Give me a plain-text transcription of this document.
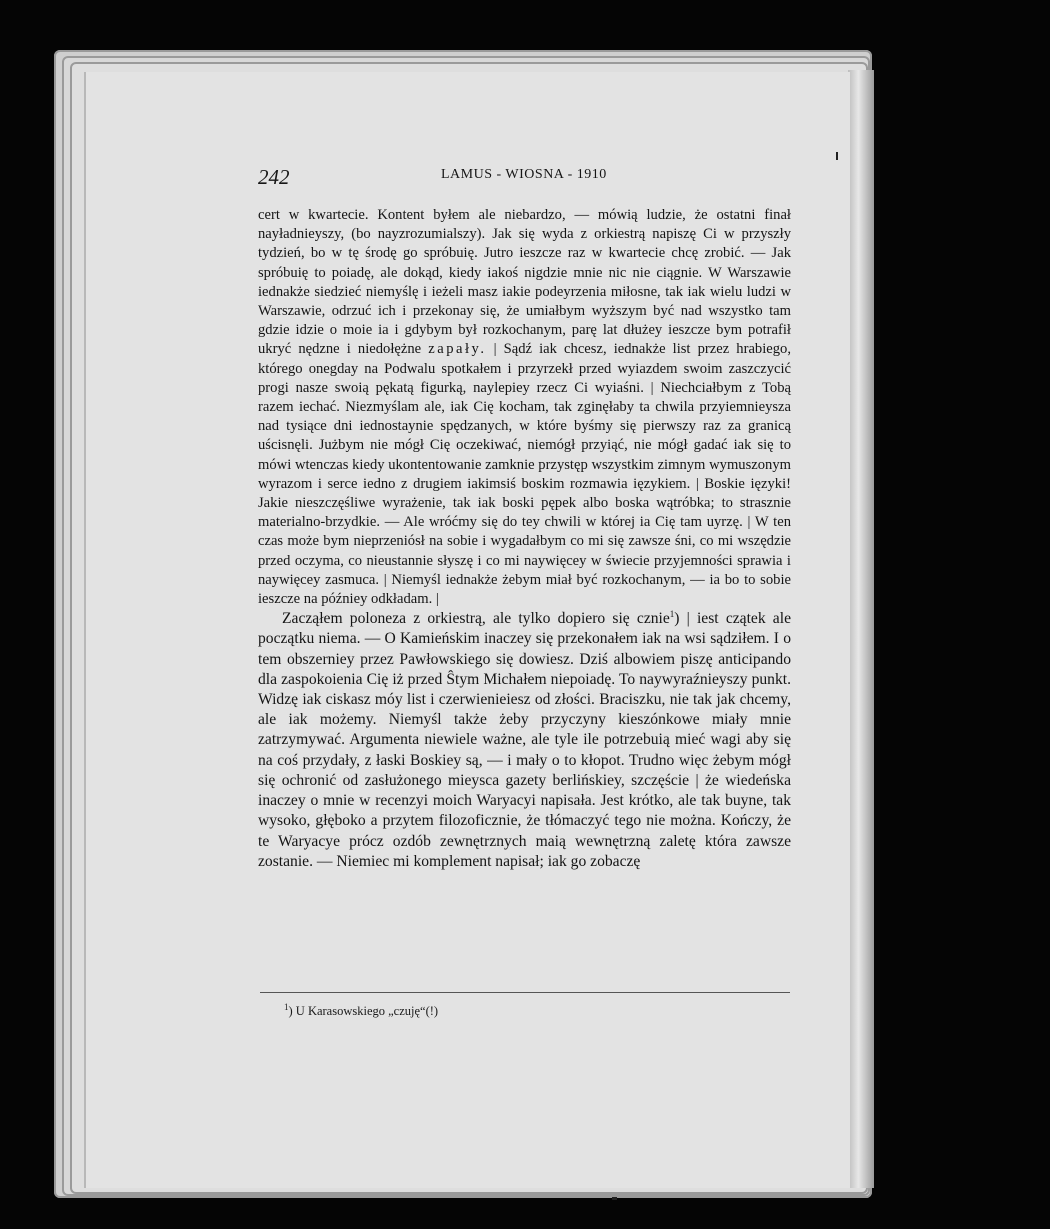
242	LAMUS - WIOSNA - 1910

cert w kwartecie. Kontent byłem ale niebardzo, — mówią ludzie, że ostatni finał nayładnieyszy, (bo nayzrozumialszy). Jak się wyda z orkiestrą napiszę Ci w przyszły tydzień, bo w tę środę go spróbuię. Jutro ieszcze raz w kwartecie chcę zrobić. — Jak spróbuię to poiadę, ale dokąd, kiedy iakoś nigdzie mnie nic nie ciągnie. W Warszawie iednakże siedzieć niemyślę i ieżeli masz iakie podeyrzenia miłosne, tak iak wielu ludzi w Warszawie, odrzuć ich i przekonay się, że umiałbym wyższym być nad wszystko tam gdzie idzie o moie ia i gdybym był rozkochanym, parę lat dłużey ieszcze bym potrafił ukryć nędzne i niedołężne zapały. | Sądź iak chcesz, iednakże list przez hrabiego, którego onegday na Podwalu spotkałem i przyrzekł przed wyiazdem swoim zaszczycić progi nasze swoią pękatą figurką, naylepiey rzecz Ci wyiaśni. | Niechciałbym z Tobą razem iechać. Niezmyślam ale, iak Cię kocham, tak zginęłaby ta chwila przyiemnieysza nad tysiące dni iednostaynie spędzanych, w które byśmy się pierwszy raz za granicą uścisnęli. Jużbym nie mógł Cię oczekiwać, niemógł przyiąć, nie mógł gadać iak się to mówi wtenczas kiedy ukontentowanie zamknie przystęp wszystkim zimnym wymuszonym wyrazom i serce iedno z drugiem iakimsiś boskim rozmawia ięzykiem. | Boskie ięzyki! Jakie nieszczęśliwe wyrażenie, tak iak boski pępek albo boska wątróbka; to strasznie materialno-brzydkie. — Ale wróćmy się do tey chwili w której ia Cię tam uyrzę. | W ten czas może bym nieprzeniósł na sobie i wygadałbym co mi się zawsze śni, co mi wszędzie przed oczyma, co nieustannie słyszę i co mi naywięcey w świecie przyjemności sprawia i naywięcey zasmuca. | Niemyśl iednakże żebym miał być rozkochanym, — ia bo to sobie ieszcze na późniey odkładam. |

Zacząłem poloneza z orkiestrą, ale tylko dopiero się cznie$^1$) | iest czątek ale początku niema. — O Kamieńskim inaczey się przekonałem iak na wsi sądziłem. I o tem obszerniey przez Pawłowskiego się dowiesz. Dziś albowiem piszę anticipando dla zaspokoienia Cię iż przed Ŝtym Michałem niepoiadę. To naywyraźnieyszy punkt. Widzę iak ciskasz móy list i czerwienieiesz od złości. Braciszku, nie tak jak chcemy, ale iak możemy. Niemyśl także żeby przyczyny kieszónkowe miały mnie zatrzymywać. Argumenta niewiele ważne, ale tyle ile potrzebuią mieć wagi aby się na coś przydały, z łaski Boskiey są, — i mały o to kłopot. Trudno więc żebym mógł się ochronić od zasłużonego mieysca gazety berlińskiey, szczęście | że wiedeńska inaczey o mnie w recenzyi moich Waryacyi napisała. Jest krótko, ale tak buyne, tak wysoko, głęboko a przytem filozoficznie, że tłómaczyć tego nie można. Kończy, że te Waryacye prócz ozdób zewnętrznych maią wewnętrzną zaletę która zawsze zostanie. — Niemiec mi komplement napisał; iak go zobaczę

$^1$) U Karasowskiego „czuję“(!)
